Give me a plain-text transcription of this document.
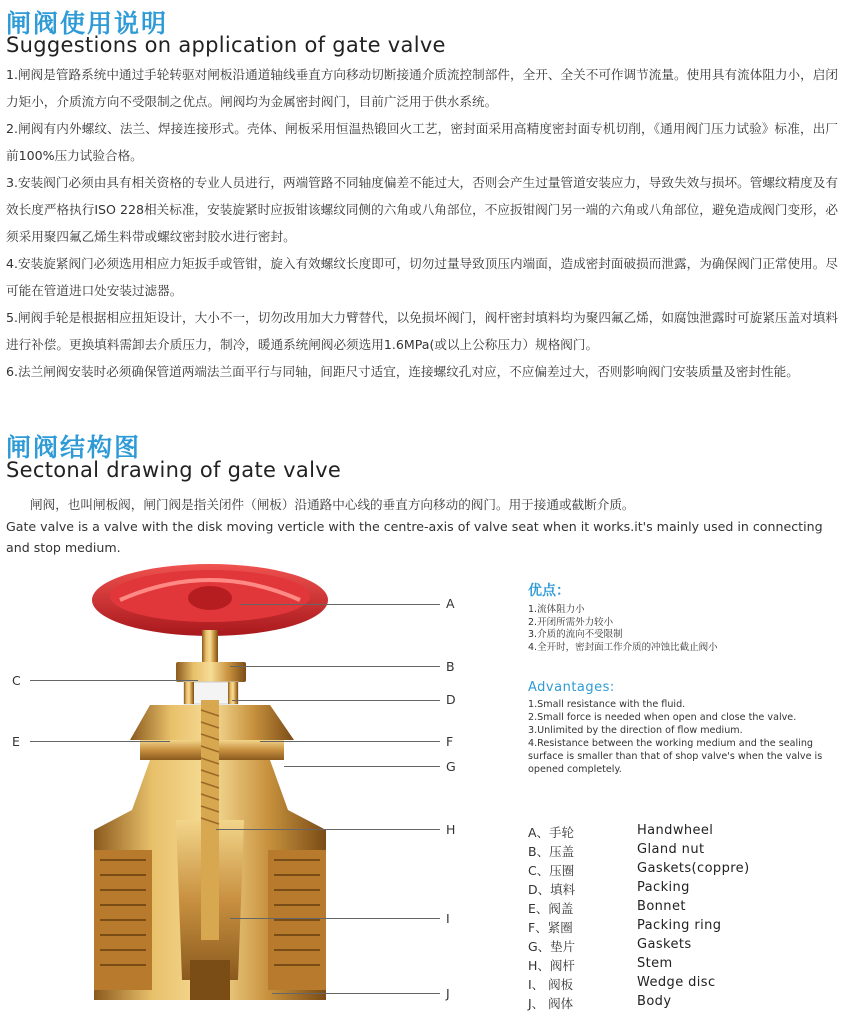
闸阀使用说明
Suggestions on application of gate valve
1.闸阀是管路系统中通过手轮转驱对闸板沿通道轴线垂直方向移动切断接通介质流控制部件，全开、全关不可作调节流量。使用具有流体阻力小，启闭力矩小，介质流方向不受限制之优点。闸阀均为金属密封阀门，目前广泛用于供水系统。
2.闸阀有内外螺纹、法兰、焊接连接形式。壳体、闸板采用恒温热锻回火工艺，密封面采用高精度密封面专机切削，《通用阀门压力试验》标准，出厂前100%压力试验合格。
3.安装阀门必须由具有相关资格的专业人员进行，两端管路不同轴度偏差不能过大，否则会产生过量管道安装应力，导致失效与损坏。管螺纹精度及有效长度严格执行ISO 228相关标准，安装旋紧时应扳钳该螺纹同侧的六角或八角部位，不应扳钳阀门另一端的六角或八角部位，避免造成阀门变形，必须采用聚四氟乙烯生料带或螺纹密封胶水进行密封。
4.安装旋紧阀门必须选用相应力矩扳手或管钳，旋入有效螺纹长度即可，切勿过量导致顶压内端面，造成密封面破损而泄露，为确保阀门正常使用。尽可能在管道进口处安装过滤器。
5.闸阀手轮是根据相应扭矩设计，大小不一，切勿改用加大力臂替代，以免损坏阀门，阀杆密封填料均为聚四氟乙烯，如腐蚀泄露时可旋紧压盖对填料进行补偿。更换填料需卸去介质压力，制冷，暖通系统闸阀必须选用1.6MPa(或以上公称压力）规格阀门。
6.法兰闸阀安装时必须确保管道两端法兰面平行与同轴，间距尺寸适宜，连接螺纹孔对应，不应偏差过大，否则影响阀门安装质量及密封性能。
闸阀结构图
Sectonal drawing of gate valve
闸阀，也叫闸板阀，闸门阀是指关闭件（闸板）沿通路中心线的垂直方向移动的阀门。用于接通或截断介质。
Gate valve is a valve with the disk moving verticle with the centre-axis of valve seat when it works.it's mainly used in connecting and stop medium.
A
B
C
D
E	F
G
H
I
J
优点：
1.流体阻力小
2.开闭所需外力较小
3.介质的流向不受限制
4.全开时，密封面工作介质的冲蚀比截止阀小
Advantages:
1.Small resistance with the fluid.
2.Small force is needed when open and close the valve.
3.Unlimited by the direction of flow medium.
4.Resistance between the working medium and the sealing surface is smaller than that of shop valve's when the valve is opened completely.
A、手轮	Handwheel
B、压盖	Gland nut
C、压圈	Gaskets(coppre)
D、填料	Packing
E、阀盖	Bonnet
F、紧圈	Packing ring
G、垫片	Gaskets
H、阀杆	Stem
I、 阀板	Wedge disc
J、 阀体	Body
